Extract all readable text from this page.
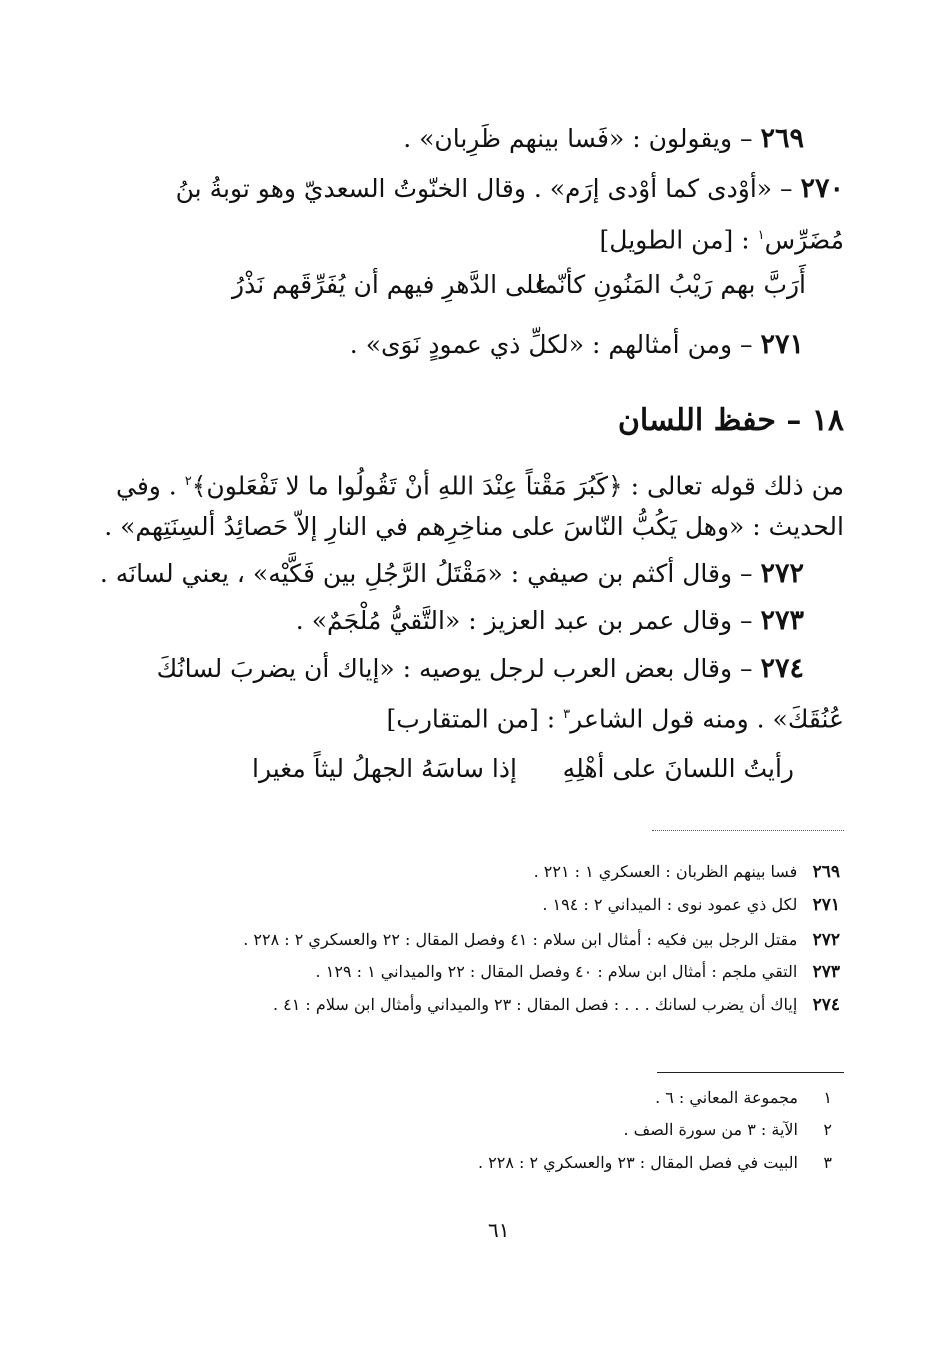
٢٦٩ – ويقولون : «فَسا بينهم ظَرِبان» .
٢٧٠ – «أوْدى كما أوْدى إرَم» . وقال الخنّوتُ السعديّ وهو توبةُ بنُ
مُضَرِّس$^١$ : [من الطويل]
أَرَبَّ بهم رَيْبُ المَنُونِ كأنّما
على الدَّهرِ فيهم أن يُفَرِّقَهم نَذْرُ
٢٧١ – ومن أمثالهم : «لكلِّ ذي عمودٍ نَوَى» .
١٨ – حفظ اللسان
من ذلك قوله تعالى : ﴿كَبُرَ مَقْتاً عِنْدَ اللهِ أنْ تَقُولُوا ما لا تَفْعَلون﴾$^٢$ . وفي
الحديث : «وهل يَكُبُّ النّاسَ على مناخِرِهم في النارِ إلاّ حَصائِدُ ألسِنَتِهم» .
٢٧٢ – وقال أكثم بن صيفي : «مَقْتَلُ الرَّجُلِ بين فَكَّيْه» ، يعني لسانَه .
٢٧٣ – وقال عمر بن عبد العزيز : «التَّقيُّ مُلْجَمٌ» .
٢٧٤ – وقال بعض العرب لرجل يوصيه : «إياك أن يضربَ لسانُكَ
عُنُقَكَ» . ومنه قول الشاعر$^٣$ : [من المتقارب]
رأيتُ اللسانَ على أهْلِهِ
إذا ساسَهُ الجهلُ ليثاً مغيرا
٢٦٩   فسا بينهم الظربان : العسكري ١ : ٢٢١ .
٢٧١   لكل ذي عمود نوى : الميداني ٢ : ١٩٤ .
٢٧٢   مقتل الرجل بين فكيه : أمثال ابن سلام : ٤١ وفصل المقال : ٢٢ والعسكري ٢ : ٢٢٨ .
٢٧٣   التقي ملجم : أمثال ابن سلام : ٤٠ وفصل المقال : ٢٢ والميداني ١ : ١٢٩ .
٢٧٤   إياك أن يضرب لسانك . . . : فصل المقال : ٢٣ والميداني وأمثال ابن سلام : ٤١ .
١     مجموعة المعاني : ٦ .
٢     الآية : ٣ من سورة الصف .
٣     البيت في فصل المقال : ٢٣ والعسكري ٢ : ٢٢٨ .
٦١
